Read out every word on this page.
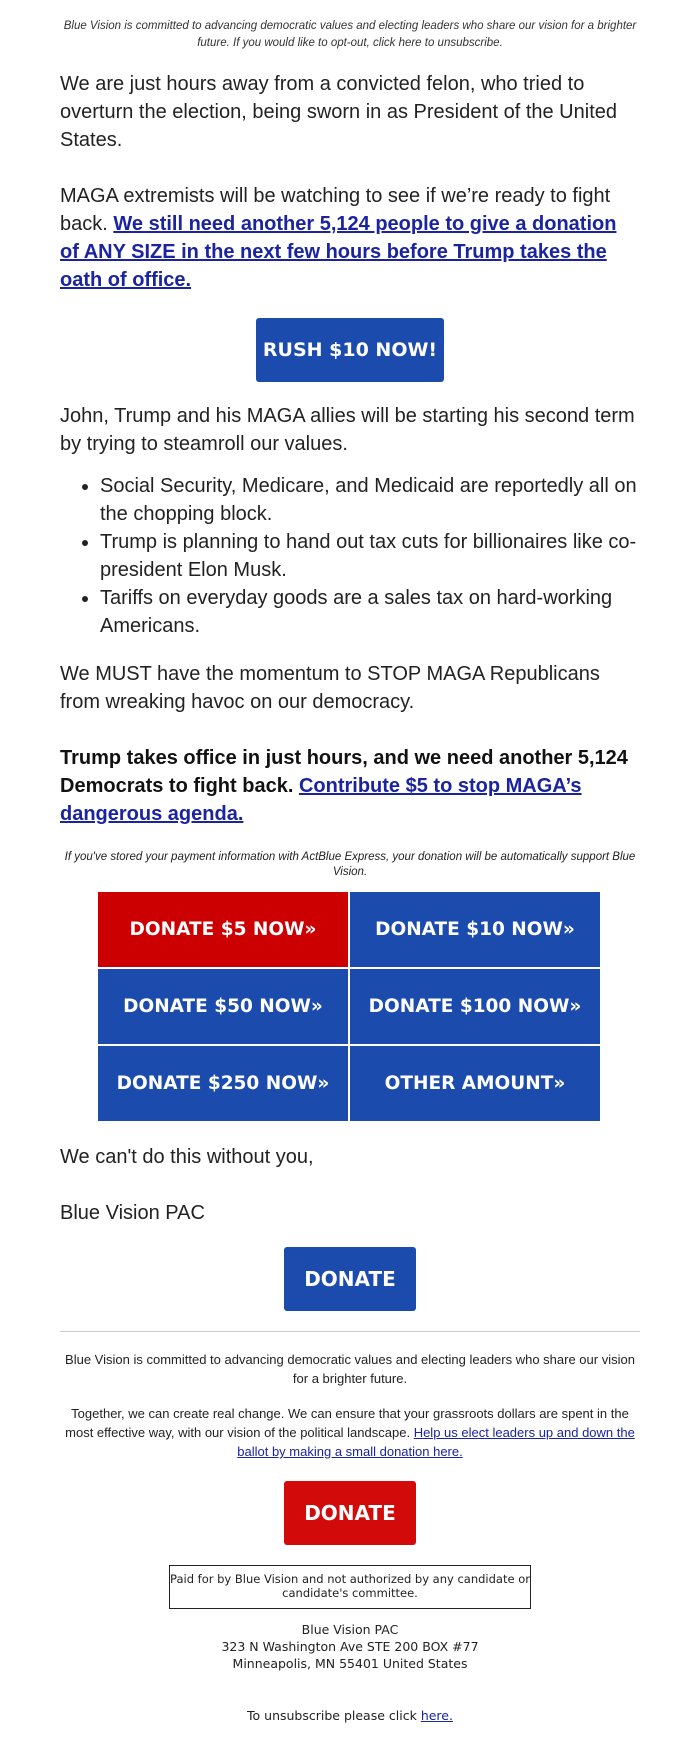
Blue Vision is committed to advancing democratic values and electing leaders who share our vision for a brighter future. If you would like to opt-out, click here to unsubscribe.

We are just hours away from a convicted felon, who tried to overturn the election, being sworn in as President of the United States.

MAGA extremists will be watching to see if we’re ready to fight back. We still need another 5,124 people to give a donation of ANY SIZE in the next few hours before Trump takes the oath of office.

RUSH $10 NOW!

John, Trump and his MAGA allies will be starting his second term by trying to steamroll our values.

• Social Security, Medicare, and Medicaid are reportedly all on the chopping block.
• Trump is planning to hand out tax cuts for billionaires like co-president Elon Musk.
• Tariffs on everyday goods are a sales tax on hard-working Americans.

We MUST have the momentum to STOP MAGA Republicans from wreaking havoc on our democracy.

Trump takes office in just hours, and we need another 5,124 Democrats to fight back. Contribute $5 to stop MAGA’s dangerous agenda.

If you've stored your payment information with ActBlue Express, your donation will be automatically support Blue Vision.

DONATE $5 NOW»	DONATE $10 NOW»
DONATE $50 NOW»	DONATE $100 NOW»
DONATE $250 NOW»	OTHER AMOUNT»

We can't do this without you,

Blue Vision PAC

DONATE

Blue Vision is committed to advancing democratic values and electing leaders who share our vision for a brighter future.

Together, we can create real change. We can ensure that your grassroots dollars are spent in the most effective way, with our vision of the political landscape. Help us elect leaders up and down the ballot by making a small donation here.

DONATE
Paid for by Blue Vision and not authorized by any candidate or candidate's committee.
Blue Vision PAC
323 N Washington Ave STE 200 BOX #77
Minneapolis, MN 55401 United States
To unsubscribe please click here.
